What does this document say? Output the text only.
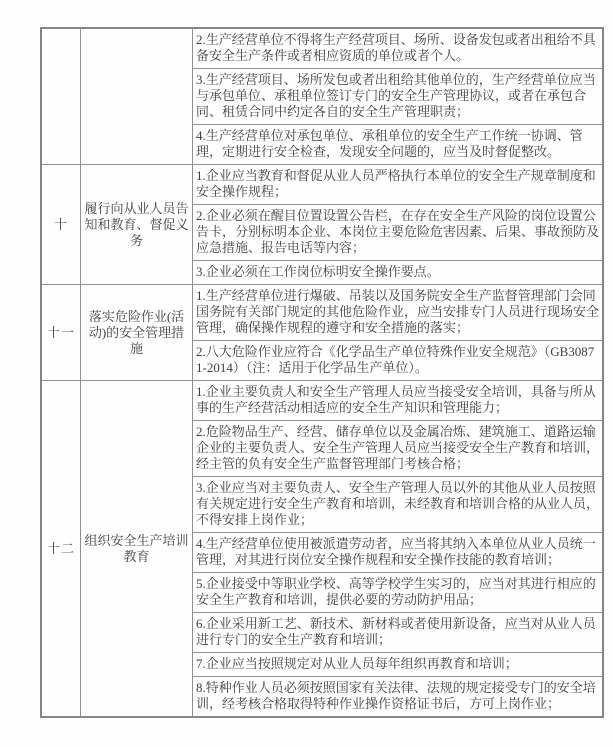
		2.生产经营单位不得将生产经营项目、场所、设备发包或者出租给不具备安全生产条件或者相应资质的单位或者个人。
		3.生产经营项目、场所发包或者出租给其他单位的，生产经营单位应当与承包单位、承租单位签订专门的安全生产管理协议，或者在承包合同、租赁合同中约定各自的安全生产管理职责；
		4.生产经营单位对承包单位、承租单位的安全生产工作统一协调、管理，定期进行安全检查，发现安全问题的，应当及时督促整改。
十	履行向从业人员告知和教育、督促义务	1.企业应当教育和督促从业人员严格执行本单位的安全生产规章制度和安全操作规程；
		2.企业必须在醒目位置设置公告栏，在存在安全生产风险的岗位设置公告卡，分别标明本企业、本岗位主要危险危害因素、后果、事故预防及应急措施、报告电话等内容；
		3.企业必须在工作岗位标明安全操作要点。
十一	落实危险作业(活动)的安全管理措施	1.生产经营单位进行爆破、吊装以及国务院安全生产监督管理部门会同国务院有关部门规定的其他危险作业，应当安排专门人员进行现场安全管理，确保操作规程的遵守和安全措施的落实；
		2.八大危险作业应符合《化学品生产单位特殊作业安全规范》（GB30871-2014）（注：适用于化学品生产单位）。
十二	组织安全生产培训教育	1.企业主要负责人和安全生产管理人员应当接受安全培训，具备与所从事的生产经营活动相适应的安全生产知识和管理能力；
		2.危险物品生产、经营、储存单位以及金属冶炼、建筑施工、道路运输企业的主要负责人、安全生产管理人员应当接受安全生产教育和培训，经主管的负有安全生产监督管理部门考核合格；
		3.企业应当对主要负责人、安全生产管理人员以外的其他从业人员按照有关规定进行安全生产教育和培训，未经教育和培训合格的从业人员，不得安排上岗作业；
		4.生产经营单位使用被派遣劳动者，应当将其纳入本单位从业人员统一管理，对其进行岗位安全操作规程和安全操作技能的教育培训；
		5.企业接受中等职业学校、高等学校学生实习的，应当对其进行相应的安全生产教育和培训，提供必要的劳动防护用品；
		6.企业采用新工艺、新技术、新材料或者使用新设备，应当对从业人员进行专门的安全生产教育和培训；
		7.企业应当按照规定对从业人员每年组织再教育和培训；
		8.特种作业人员必须按照国家有关法律、法规的规定接受专门的安全培训，经考核合格取得特种作业操作资格证书后，方可上岗作业；
